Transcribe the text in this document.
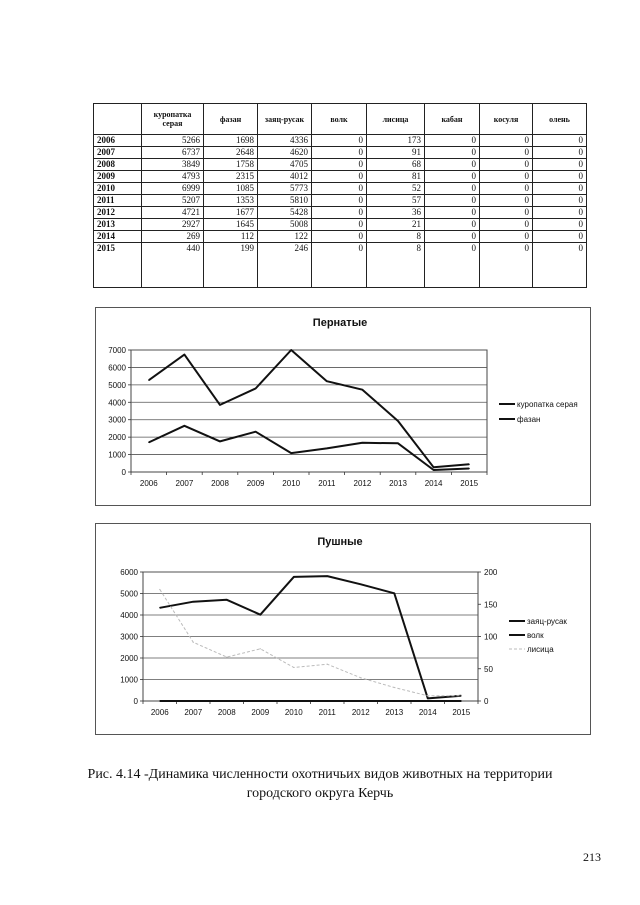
	куропатка серая	фазан	заяц-русак	волк	лисица	кабан	косуля	олень
2006	5266	1698	4336	0	173	0	0	0
2007	6737	2648	4620	0	91	0	0	0
2008	3849	1758	4705	0	68	0	0	0
2009	4793	2315	4012	0	81	0	0	0
2010	6999	1085	5773	0	52	0	0	0
2011	5207	1353	5810	0	57	0	0	0
2012	4721	1677	5428	0	36	0	0	0
2013	2927	1645	5008	0	21	0	0	0
2014	269	112	122	0	8	0	0	0
2015	440	199	246	0	8	0	0	0
Пернатые
0
1000
2000
3000
4000
5000
6000
7000
2006 2007 2008 2009 2010 2011 2012 2013 2014 2015
куропатка серая
фазан
Пушные
0
1000
2000
3000
4000
5000
6000
0
50
100
150
200
2006 2007 2008 2009 2010 2011 2012 2013 2014 2015
заяц-русак
волк
лисица
Рис. 4.14 -Динамика численности охотничьих видов животных на территории
городского округа Керчь
213
